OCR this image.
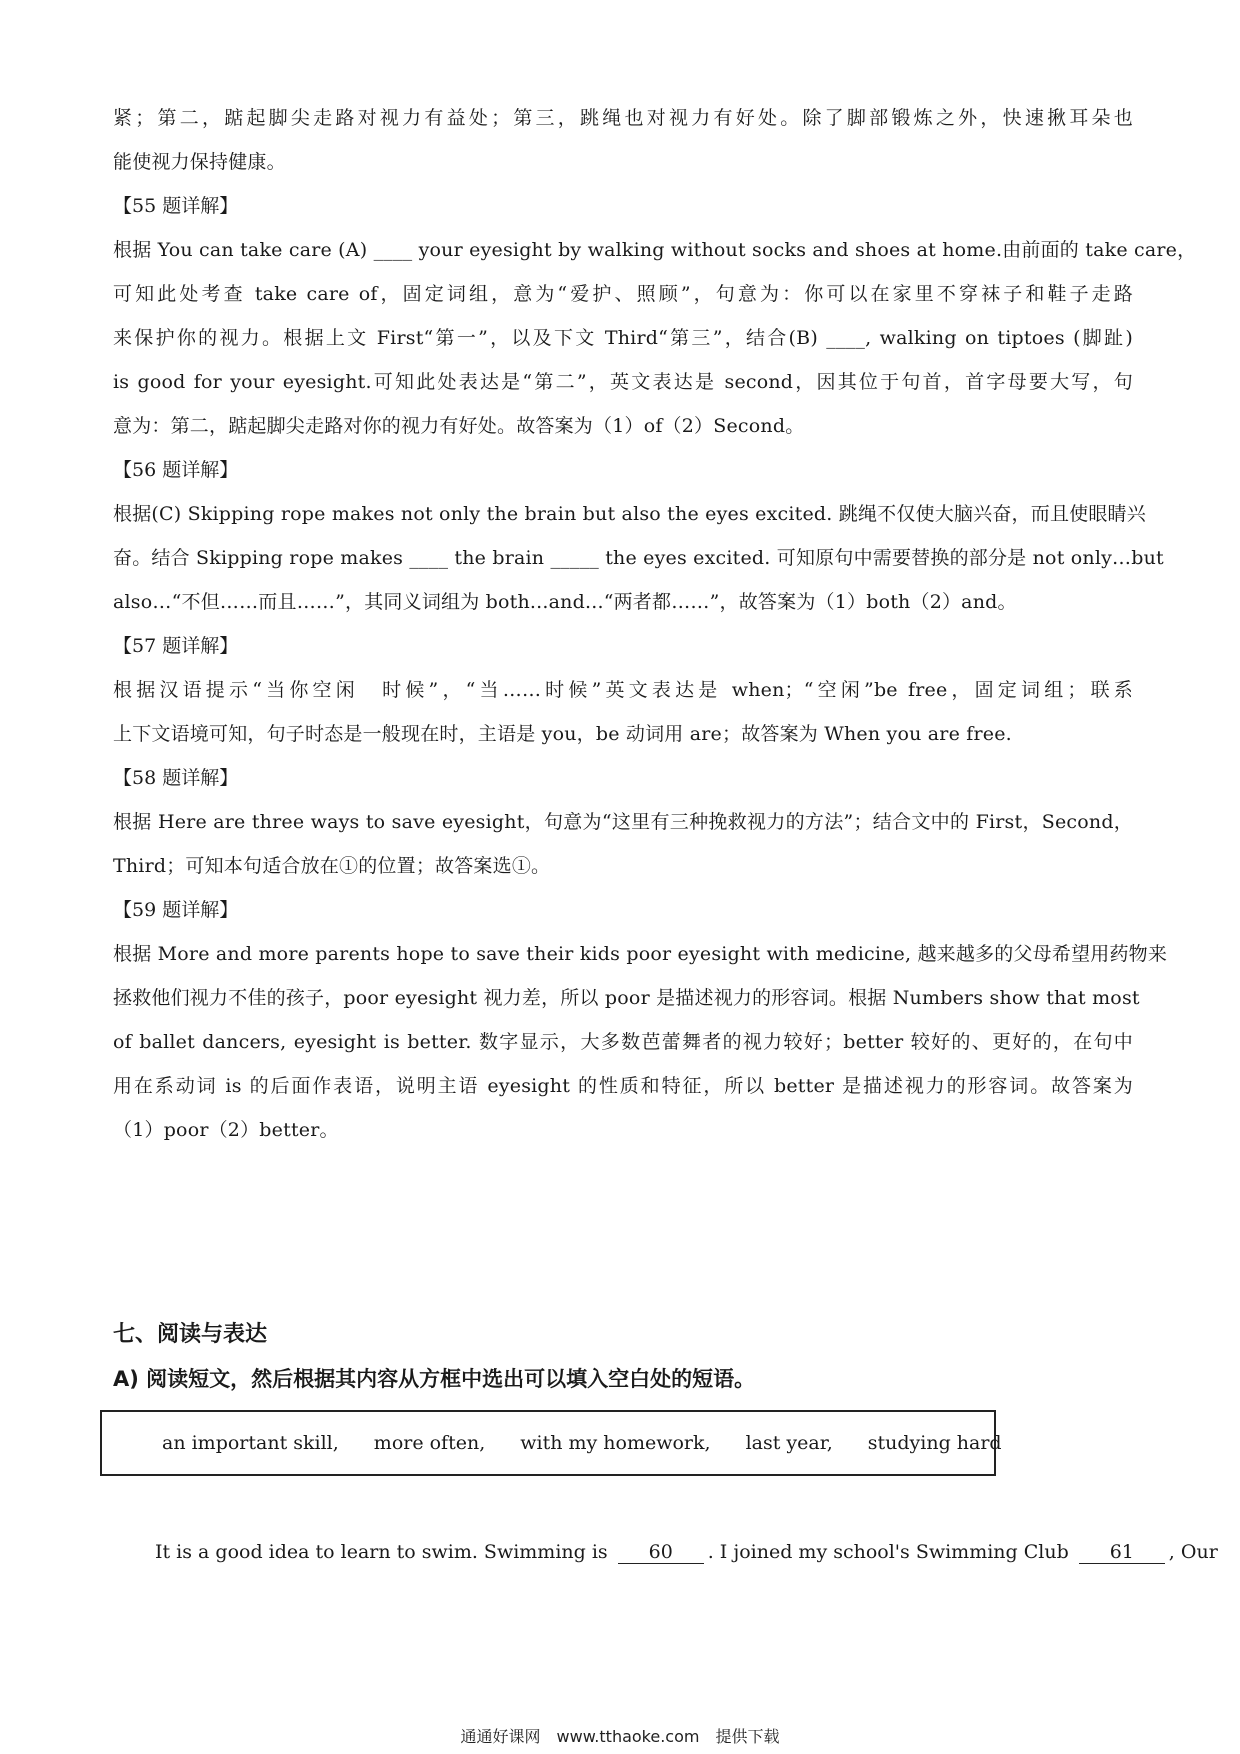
紧；第二，踮起脚尖走路对视力有益处；第三，跳绳也对视力有好处。除了脚部锻炼之外，快速揪耳朵也
能使视力保持健康。
【55 题详解】
根据 You can take care (A) ____ your eyesight by walking without socks and shoes at home.由前面的 take care，
可知此处考查 take care of，固定词组，意为“爱护、照顾”，句意为：你可以在家里不穿袜子和鞋子走路
来保护你的视力。根据上文 First“第一”，以及下文 Third“第三”，结合(B) ____, walking on tiptoes (脚趾)
is good for your eyesight.可知此处表达是“第二”，英文表达是 second，因其位于句首，首字母要大写，句
意为：第二，踮起脚尖走路对你的视力有好处。故答案为（1）of（2）Second。
【56 题详解】
根据(C) Skipping rope makes not only the brain but also the eyes excited. 跳绳不仅使大脑兴奋，而且使眼睛兴
奋。结合 Skipping rope makes ____ the brain _____ the eyes excited. 可知原句中需要替换的部分是 not only…but
also…“不但……而且……”，其同义词组为 both...and...“两者都……”，故答案为（1）both（2）and。
【57 题详解】
根据汉语提示“当你空闲　时候”，“当……时候”英文表达是 when；“空闲”be free，固定词组；联系
上下文语境可知，句子时态是一般现在时，主语是 you，be 动词用 are；故答案为 When you are free.
【58 题详解】
根据 Here are three ways to save eyesight，句意为“这里有三种挽救视力的方法”；结合文中的 First，Second，
Third；可知本句适合放在①的位置；故答案选①。
【59 题详解】
根据 More and more parents hope to save their kids poor eyesight with medicine, 越来越多的父母希望用药物来
拯救他们视力不佳的孩子，poor eyesight 视力差，所以 poor 是描述视力的形容词。根据 Numbers show that most
of ballet dancers, eyesight is better. 数字显示，大多数芭蕾舞者的视力较好；better 较好的、更好的，在句中
用在系动词 is 的后面作表语，说明主语 eyesight 的性质和特征，所以 better 是描述视力的形容词。故答案为
（1）poor（2）better。
七、阅读与表达
A) 阅读短文，然后根据其内容从方框中选出可以填入空白处的短语。
an important skill, more often, with my homework, last year, studying hard
It is a good idea to learn to swim. Swimming is 60 . I joined my school's Swimming Club 61 , Our
通通好课网　www.tthaoke.com　提供下载
